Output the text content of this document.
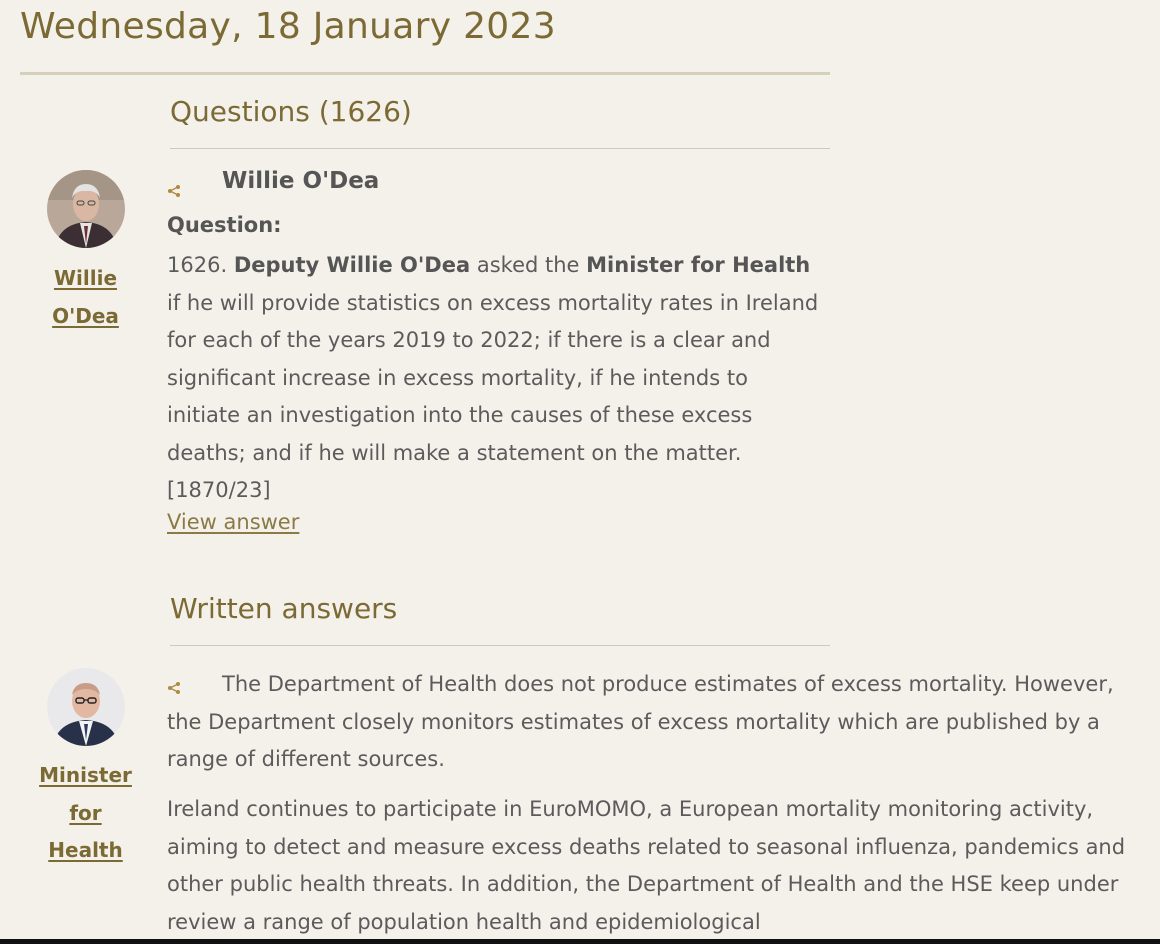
Wednesday, 18 January 2023
Questions (1626)
Willie
O'Dea
Willie O'Dea
Question:

1626. Deputy Willie O'Dea asked the Minister for Health if he will provide statistics on excess mortality rates in Ireland for each of the years 2019 to 2022; if there is a clear and significant increase in excess mortality, if he intends to initiate an investigation into the causes of these excess deaths; and if he will make a statement on the matter. [1870/23]

View answer
Written answers
Minister
for
Health

The Department of Health does not produce estimates of excess mortality. However, the Department closely monitors estimates of excess mortality which are published by a range of different sources.

Ireland continues to participate in EuroMOMO, a European mortality monitoring activity, aiming to detect and measure excess deaths related to seasonal influenza, pandemics and other public health threats. In addition, the Department of Health and the HSE keep under review a range of population health and epidemiological
